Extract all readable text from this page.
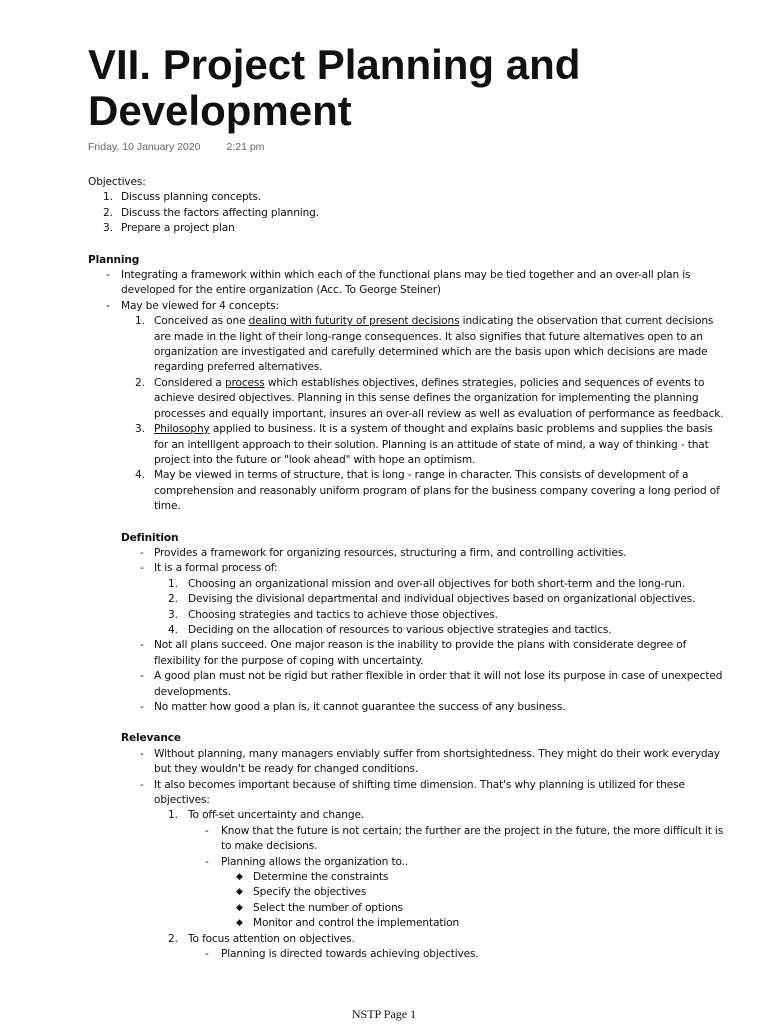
VII. Project Planning and Development
Friday, 10 January 2020 2:21 pm
Objectives:
1. Discuss planning concepts.
2. Discuss the factors affecting planning.
3. Prepare a project plan
Planning
- Integrating a framework within which each of the functional plans may be tied together and an over-all plan is
developed for the entire organization (Acc. To George Steiner)
- May be viewed for 4 concepts:
1. Conceived as one dealing with futurity of present decisions indicating the observation that current decisions
are made in the light of their long-range consequences. It also signifies that future alternatives open to an
organization are investigated and carefully determined which are the basis upon which decisions are made
regarding preferred alternatives.
2. Considered a process which establishes objectives, defines strategies, policies and sequences of events to
achieve desired objectives. Planning in this sense defines the organization for implementing the planning
processes and equally important, insures an over-all review as well as evaluation of performance as feedback.
3. Philosophy applied to business. It is a system of thought and explains basic problems and supplies the basis
for an intelligent approach to their solution. Planning is an attitude of state of mind, a way of thinking - that
project into the future or "look ahead" with hope an optimism.
4. May be viewed in terms of structure, that is long - range in character. This consists of development of a
comprehension and reasonably uniform program of plans for the business company covering a long period of
time.
Definition
- Provides a framework for organizing resources, structuring a firm, and controlling activities.
- It is a formal process of:
1. Choosing an organizational mission and over-all objectives for both short-term and the long-run.
2. Devising the divisional departmental and individual objectives based on organizational objectives.
3. Choosing strategies and tactics to achieve those objectives.
4. Deciding on the allocation of resources to various objective strategies and tactics.
- Not all plans succeed. One major reason is the inability to provide the plans with considerate degree of
flexibility for the purpose of coping with uncertainty.
- A good plan must not be rigid but rather flexible in order that it will not lose its purpose in case of unexpected
developments.
- No matter how good a plan is, it cannot guarantee the success of any business.
Relevance
- Without planning, many managers enviably suffer from shortsightedness. They might do their work everyday
but they wouldn't be ready for changed conditions.
- It also becomes important because of shifting time dimension. That's why planning is utilized for these
objectives:
1. To off-set uncertainty and change.
- Know that the future is not certain; the further are the project in the future, the more difficult it is
to make decisions.
- Planning allows the organization to..
◆ Determine the constraints
◆ Specify the objectives
◆ Select the number of options
◆ Monitor and control the implementation
2. To focus attention on objectives.
- Planning is directed towards achieving objectives.
NSTP Page 1
